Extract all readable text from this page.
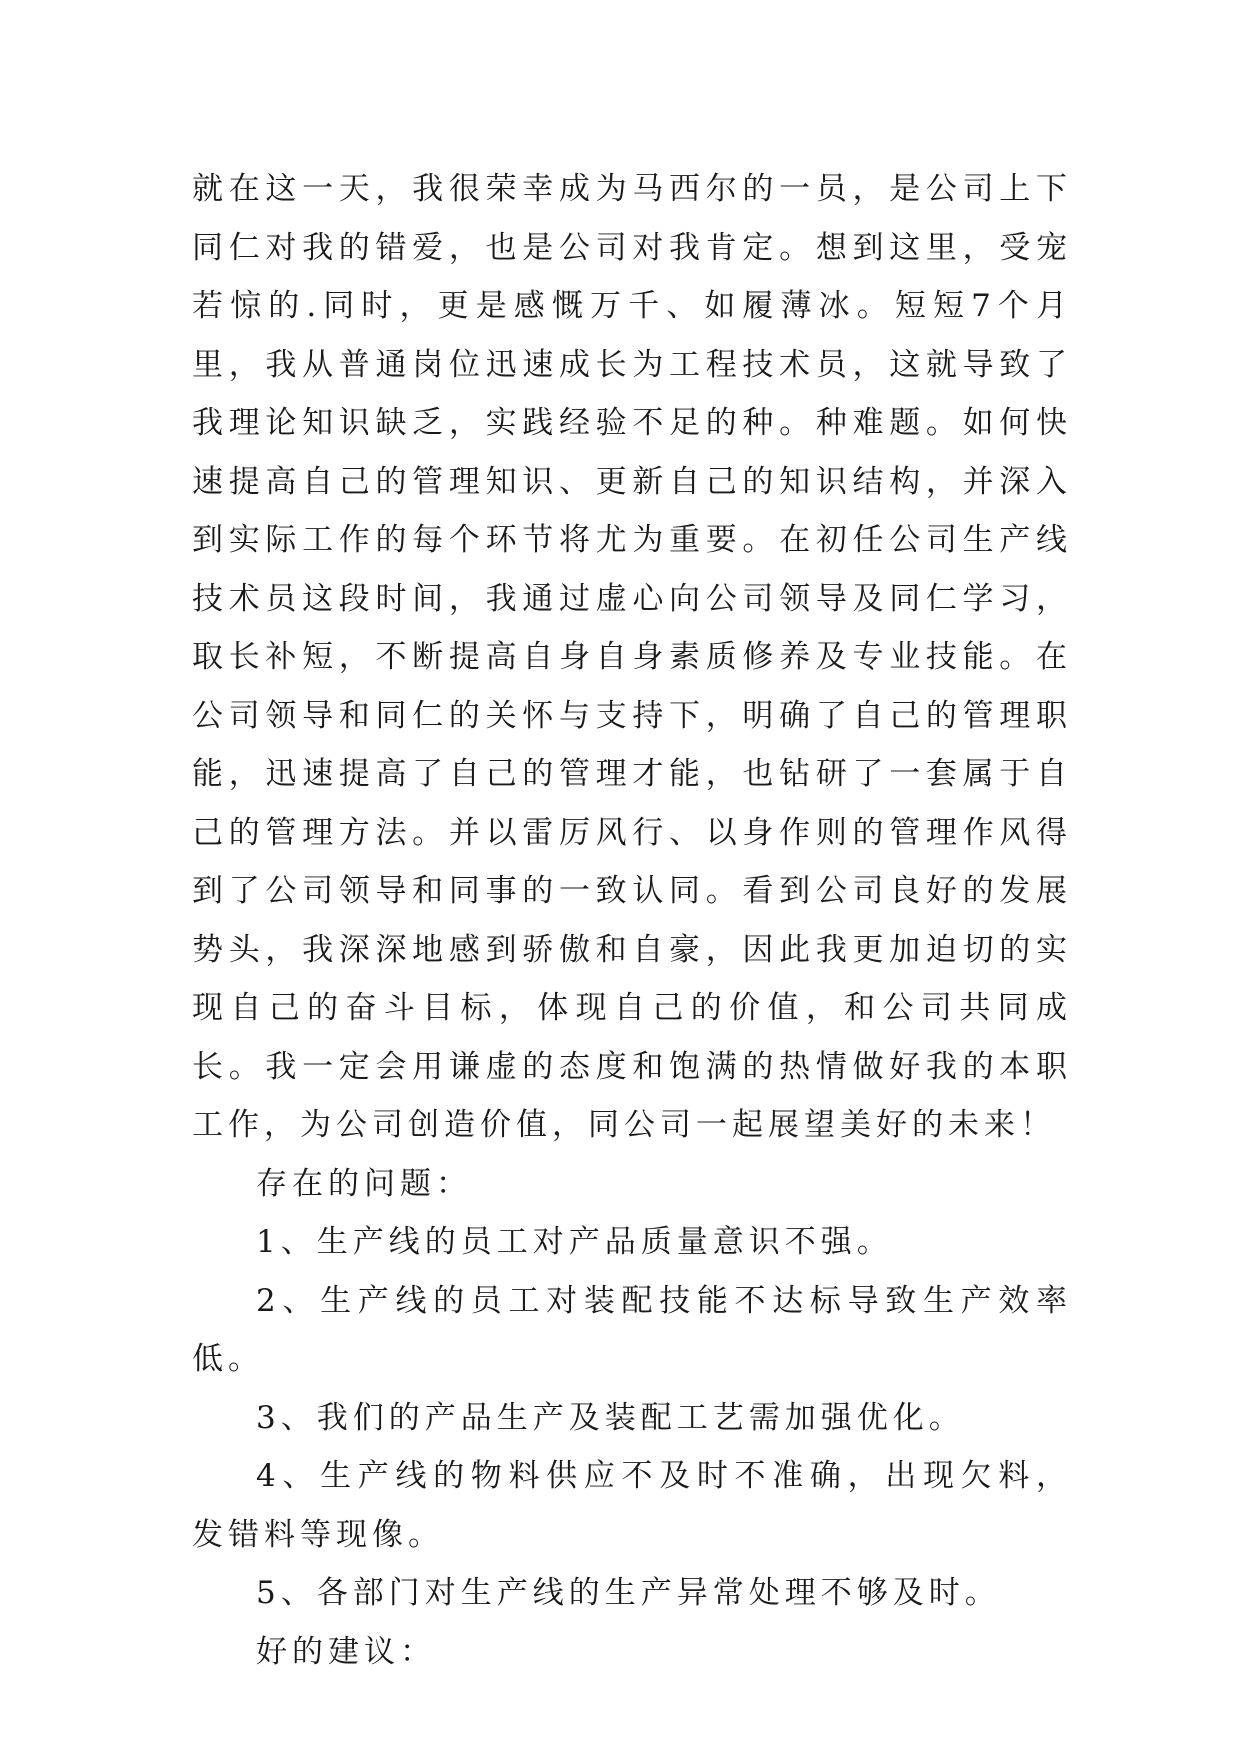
就在这一天，我很荣幸成为马西尔的一员，是公司上下同仁对我的错爱，也是公司对我肯定。想到这里，受宠若惊的.同时，更是感慨万千、如履薄冰。短短7个月里，我从普通岗位迅速成长为工程技术员，这就导致了我理论知识缺乏，实践经验不足的种。种难题。如何快速提高自己的管理知识、更新自己的知识结构，并深入到实际工作的每个环节将尤为重要。在初任公司生产线技术员这段时间，我通过虚心向公司领导及同仁学习，取长补短，不断提高自身自身素质修养及专业技能。在公司领导和同仁的关怀与支持下，明确了自己的管理职能，迅速提高了自己的管理才能，也钻研了一套属于自己的管理方法。并以雷厉风行、以身作则的管理作风得到了公司领导和同事的一致认同。看到公司良好的发展势头，我深深地感到骄傲和自豪，因此我更加迫切的实现自己的奋斗目标，体现自己的价值，和公司共同成长。我一定会用谦虚的态度和饱满的热情做好我的本职工作，为公司创造价值，同公司一起展望美好的未来！

存在的问题：

1、生产线的员工对产品质量意识不强。

2、生产线的员工对装配技能不达标导致生产效率低。

3、我们的产品生产及装配工艺需加强优化。

4、生产线的物料供应不及时不准确，出现欠料，发错料等现像。

5、各部门对生产线的生产异常处理不够及时。

好的建议：
